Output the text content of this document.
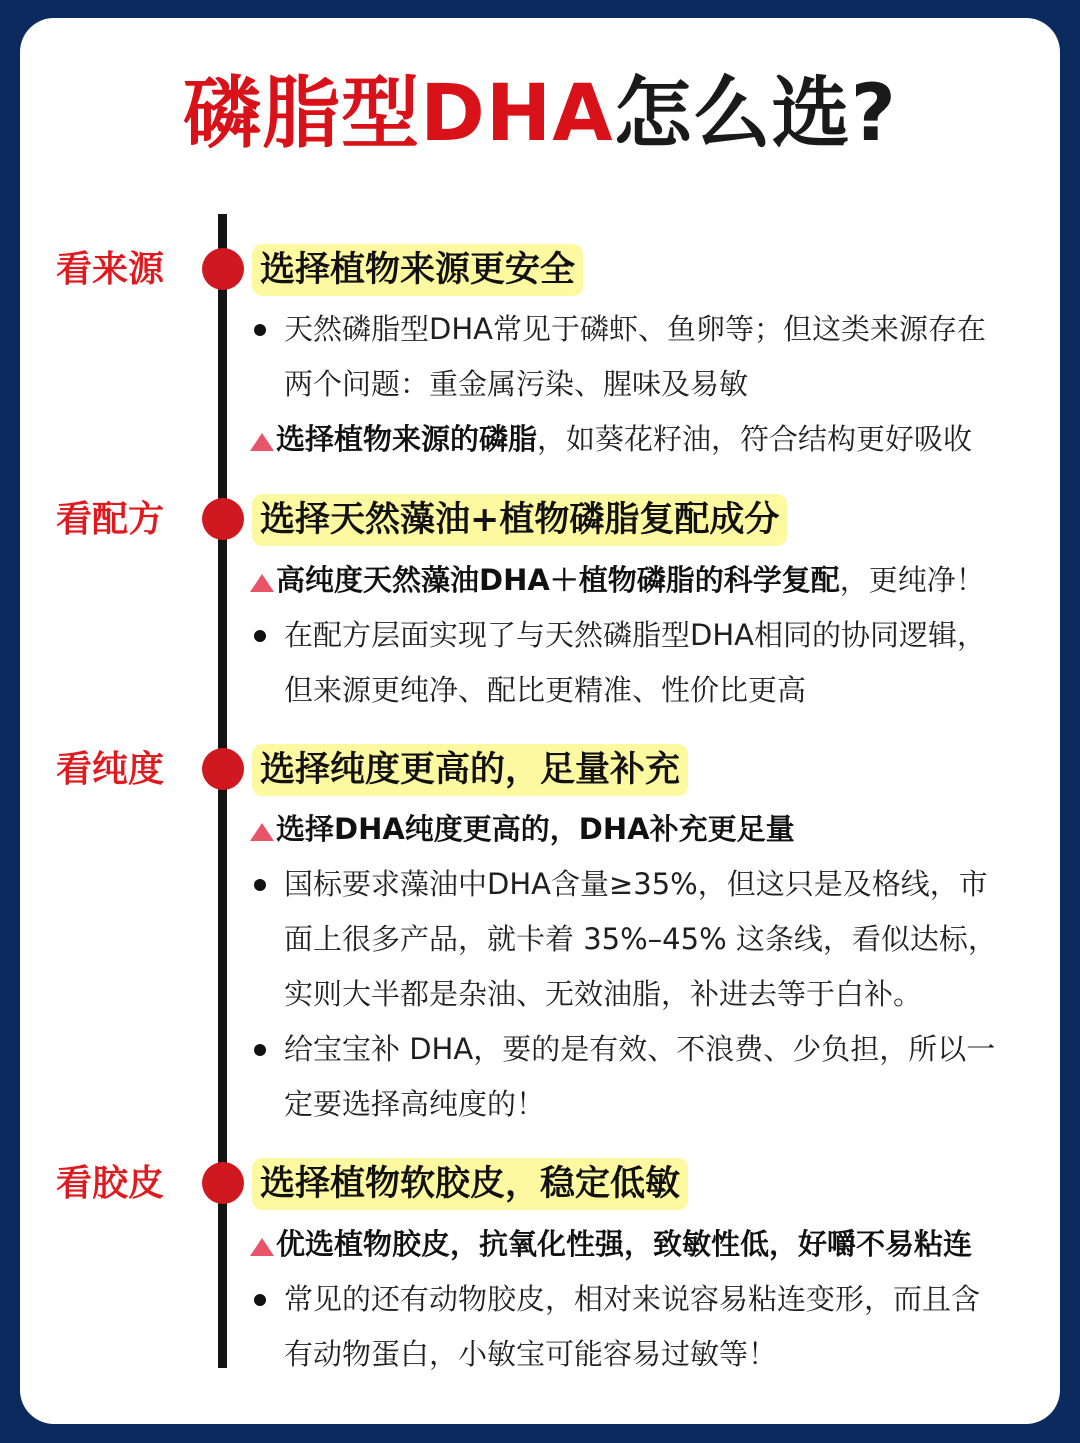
磷脂型DHA怎么选?
看来源	选择植物来源更安全
天然磷脂型DHA常见于磷虾、鱼卵等；但这类来源存在
两个问题：重金属污染、腥味及易敏
选择植物来源的磷脂，如葵花籽油，符合结构更好吸收
看配方	选择天然藻油+植物磷脂复配成分
高纯度天然藻油DHA＋植物磷脂的科学复配，更纯净！
在配方层面实现了与天然磷脂型DHA相同的协同逻辑，
但来源更纯净、配比更精准、性价比更高
看纯度	选择纯度更高的，足量补充
选择DHA纯度更高的，DHA补充更足量
国标要求藻油中DHA含量≥35%，但这只是及格线，市
面上很多产品，就卡着 35%–45% 这条线，看似达标，
实则大半都是杂油、无效油脂，补进去等于白补。
给宝宝补 DHA，要的是有效、不浪费、少负担，所以一
定要选择高纯度的！
看胶皮	选择植物软胶皮，稳定低敏
优选植物胶皮，抗氧化性强，致敏性低，好嚼不易粘连
常见的还有动物胶皮，相对来说容易粘连变形，而且含
有动物蛋白，小敏宝可能容易过敏等！
